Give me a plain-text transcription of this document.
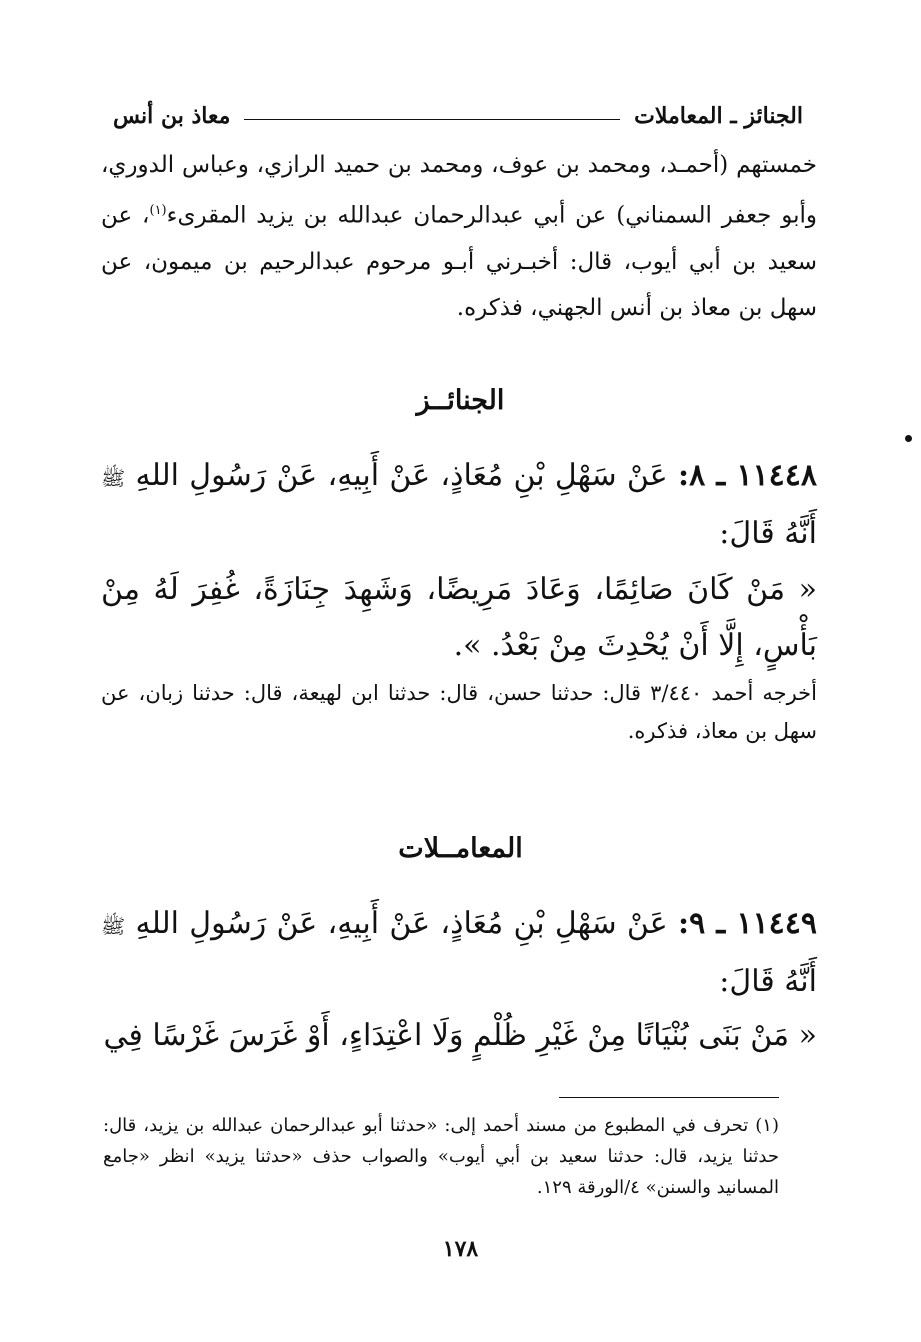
الجنائز ـ المعاملات
معاذ بن أنس
خمستهم (أحمـد، ومحمد بن عوف، ومحمد بن حميد الرازي، وعباس الدوري، وأبو جعفر السمناني) عن أبي عبدالرحمان عبدالله بن يزيد المقرىء$^{(١)}$، عن سعيد بن أبي أيوب، قال: أخبـرني أبـو مرحوم عبدالرحيم بن ميمون، عن سهل بن معاذ بن أنس الجهني، فذكره.
الجنائــز
١١٤٤٨ ـ ٨: عَنْ سَهْلِ بْنِ مُعَاذٍ، عَنْ أَبِيهِ، عَنْ رَسُولِ اللهِ ﷺ أَنَّهُ قَالَ:
« مَنْ كَانَ صَائِمًا، وَعَادَ مَرِيضًا، وَشَهِدَ جِنَازَةً، غُفِرَ لَهُ مِنْ بَأْسٍ، إِلَّا أَنْ يُحْدِثَ مِنْ بَعْدُ. ».
أخرجه أحمد ٣/٤٤٠ قال: حدثنا حسن، قال: حدثنا ابن لهيعة، قال: حدثنا زبان، عن سهل بن معاذ، فذكره.
المعامــلات
١١٤٤٩ ـ ٩: عَنْ سَهْلِ بْنِ مُعَاذٍ، عَنْ أَبِيهِ، عَنْ رَسُولِ اللهِ ﷺ أَنَّهُ قَالَ:
« مَنْ بَنَى بُنْيَانًا مِنْ غَيْرِ ظُلْمٍ وَلَا اعْتِدَاءٍ، أَوْ غَرَسَ غَرْسًا فِي
(١) تحرف في المطبوع من مسند أحمد إلى: «حدثنا أبو عبدالرحمان عبدالله بن يزيد، قال: حدثنا يزيد، قال: حدثنا سعيد بن أبي أيوب» والصواب حذف «حدثنا يزيد» انظر «جامع المسانيد والسنن» ٤/الورقة ١٢٩.
١٧٨
